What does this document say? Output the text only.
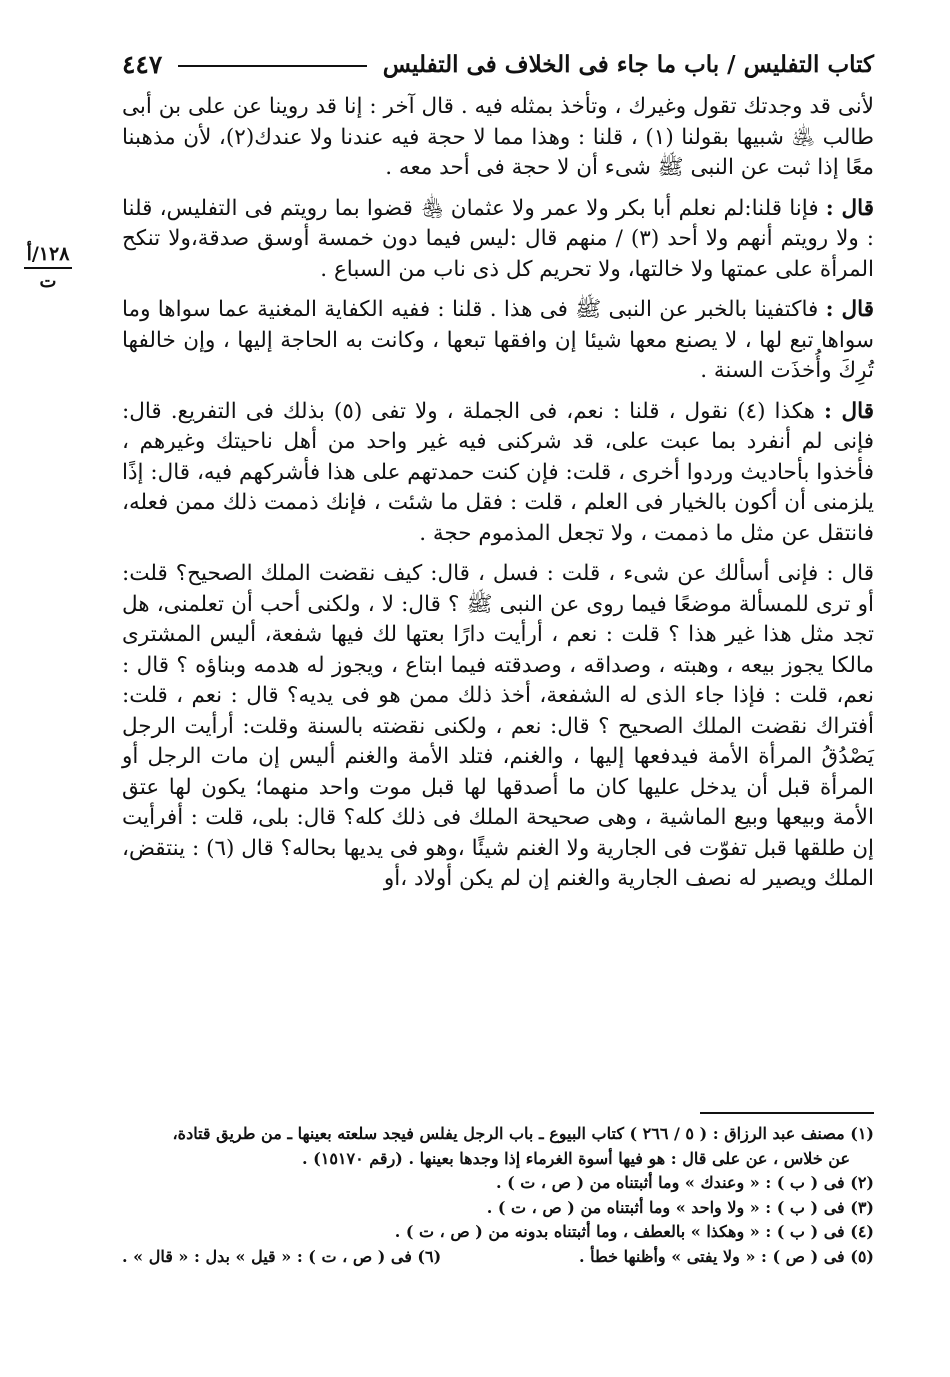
كتاب التفليس / باب ما جاء فى الخلاف فى التفليس
٤٤٧
١٢٨/أ
ت

لأنى قد وجدتك تقول وغيرك ، وتأخذ بمثله فيه . قال آخر : إنا قد روينا عن على بن أبى طالب ﵁ شبيها بقولنا (١) ، قلنا : وهذا مما لا حجة فيه عندنا ولا عندك(٢)، لأن مذهبنا معًا إذا ثبت عن النبى ﷺ شىء أن لا حجة فى أحد معه .

قال : فإنا قلنا:لم نعلم أبا بكر ولا عمر ولا عثمان ﵃ قضوا بما رويتم فى التفليس، قلنا : ولا رويتم أنهم ولا أحد (٣) / منهم قال :ليس فيما دون خمسة أوسق صدقة،ولا تنكح المرأة على عمتها ولا خالتها، ولا تحريم كل ذى ناب من السباع .

قال : فاكتفينا بالخبر عن النبى ﷺ فى هذا . قلنا : ففيه الكفاية المغنية عما سواها وما سواها تبع لها ، لا يصنع معها شيئا إن وافقها تبعها ، وكانت به الحاجة إليها ، وإن خالفها تُرِكَ وأُخذَت السنة .

قال : هكذا (٤) نقول ، قلنا : نعم، فى الجملة ، ولا تفى (٥) بذلك فى التفريع. قال: فإنى لم أنفرد بما عبت على، قد شركنى فيه غير واحد من أهل ناحيتك وغيرهم ، فأخذوا بأحاديث وردوا أخرى ، قلت: فإن كنت حمدتهم على هذا فأشركهم فيه، قال: إذًا يلزمنى أن أكون بالخيار فى العلم ، قلت : فقل ما شئت ، فإنك ذممت ذلك ممن فعله، فانتقل عن مثل ما ذممت ، ولا تجعل المذموم حجة .

قال : فإنى أسألك عن شىء ، قلت : فسل ، قال: كيف نقضت الملك الصحيح؟ قلت: أو ترى للمسألة موضعًا فيما روى عن النبى ﷺ ؟ قال: لا ، ولكنى أحب أن تعلمنى، هل تجد مثل هذا غير هذا ؟ قلت : نعم ، أرأيت دارًا بعتها لك فيها شفعة، أليس المشترى مالكا يجوز بيعه ، وهبته ، وصداقه ، وصدقته فيما ابتاع ، ويجوز له هدمه وبناؤه ؟ قال : نعم، قلت : فإذا جاء الذى له الشفعة، أخذ ذلك ممن هو فى يديه؟ قال : نعم ، قلت: أفتراك نقضت الملك الصحيح ؟ قال: نعم ، ولكنى نقضته بالسنة وقلت: أرأيت الرجل يَصْدُقُ المرأة الأمة فيدفعها إليها ، والغنم، فتلد الأمة والغنم أليس إن مات الرجل أو المرأة قبل أن يدخل عليها كان ما أصدقها لها قبل موت واحد منهما؛ يكون لها عتق الأمة وبيعها وبيع الماشية ، وهى صحيحة الملك فى ذلك كله؟ قال: بلى، قلت : أفرأيت إن طلقها قبل تفوّت فى الجارية ولا الغنم شيئًا ،وهو فى يديها بحاله؟ قال (٦) : ينتقض، الملك ويصير له نصف الجارية والغنم إن لم يكن أولاد ،أو

(١) مصنف عبد الرزاق : ( ٥ / ٢٦٦ ) كتاب البيوع ـ باب الرجل يفلس فيجد سلعته بعينها ـ من طريق قتادة،

عن خلاس ، عن على قال : هو فيها أسوة الغرماء إذا وجدها بعينها . (رقم ١٥١٧٠) .

(٢) فى ( ب ) : « وعندك » وما أثبتناه من ( ص ، ت ) .

(٣) فى ( ب ) : « ولا واحد » وما أثبتناه من ( ص ، ت ) .

(٤) فى ( ب ) : « وهكذا » بالعطف ، وما أثبتناه بدونه من ( ص ، ت ) .

(٥) فى ( ص ) : « ولا يفتى » وأظنها خطأ .
(٦) فى ( ص ، ت ) : « قيل » بدل : « قال » .
